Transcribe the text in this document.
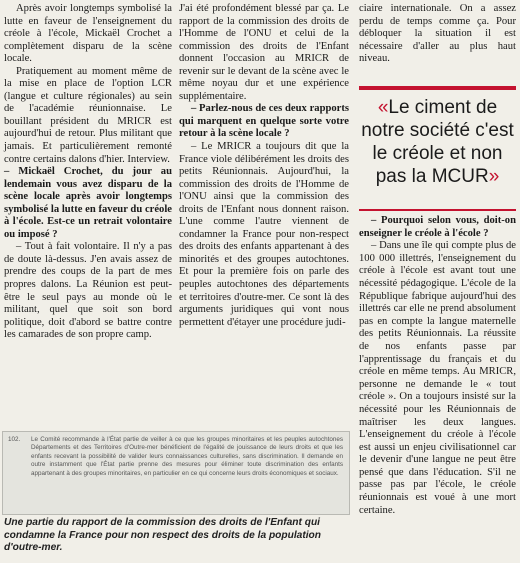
Après avoir longtemps symbolisé la lutte en faveur de l'enseignement du créole à l'école, Mickaël Crochet a complètement disparu de la scène locale.

Pratiquement au moment même de la mise en place de l'option LCR (langue et culture régionales) au sein de l'académie réunionnaise. Le bouillant président du MRICR est aujourd'hui de retour. Plus militant que jamais. Et particulièrement remonté contre certains dalons d'hier. Interview.

– Mickaël Crochet, du jour au lendemain vous avez disparu de la scène locale après avoir longtemps symbolisé la lutte en faveur du créole à l'école. Est-ce un retrait volontaire ou imposé ?

– Tout à fait volontaire. Il n'y a pas de doute là-dessus. J'en avais assez de prendre des coups de la part de mes propres dalons. La Réunion est peut-être le seul pays au monde où le militant, quel que soit son bord politique, doit d'abord se battre contre les camarades de son propre camp.

J'ai été profondément blessé par ça. Le rapport de la commission des droits de l'Homme de l'ONU et celui de la commission des droits de l'Enfant donnent l'occasion au MRICR de revenir sur le devant de la scène avec le même noyau dur et une expérience supplémentaire.

– Parlez-nous de ces deux rapports qui marquent en quelque sorte votre retour à la scène locale ?

– Le MRICR a toujours dit que la France viole délibérément les droits des petits Réunionnais. Aujourd'hui, la commission des droits de l'Homme de l'ONU ainsi que la commission des droits de l'Enfant nous donnent raison. L'une comme l'autre viennent de condamner la France pour non-respect des droits des enfants appartenant à des minorités et des groupes autochtones. Et pour la première fois on parle des peuples autochtones des départements et territoires d'outre-mer. Ce sont là des arguments juridiques qui vont nous permettent d'étayer une procédure judi-

ciaire internationale. On a assez perdu de temps comme ça. Pour débloquer la situation il est nécessaire d'aller au plus haut niveau.

«Le ciment de notre société c'est le créole et non pas la MCUR»

– Pourquoi selon vous, doit-on enseigner le créole à l'école ?

– Dans une île qui compte plus de 100 000 illettrés, l'enseignement du créole à l'école est avant tout une nécessité pédagogique. L'école de la République fabrique aujourd'hui des illettrés car elle ne prend absolument pas en compte la langue maternelle des petits Réunionnais. La réussite de nos enfants passe par l'apprentissage du français et du créole en même temps. Au MRICR, personne ne demande le « tout créole ». On a toujours insisté sur la nécessité pour les Réunionnais de maîtriser les deux langues. L'enseignement du créole à l'école est aussi un enjeu civilisationnel car le devenir d'une langue ne peut être pensé que dans l'éducation. S'il ne passe pas par l'école, le créole réunionnais est voué à une mort certaine.

102.	Le Comité recommande à l'État partie de veiller à ce que les groupes minoritaires et les peuples autochtones Départements et des Territoires d'Outre-mer bénéficient de l'égalité de jouissance de leurs droits et que les enfants recevant la possibilité de valider leurs connaissances culturelles, sans discrimination. Il demande en outre instamment que l'État partie prenne des mesures pour éliminer toute discrimination des enfants appartenant à des groupes minoritaires, en particulier en ce qui concerne leurs droits économiques et sociaux.
Une partie du rapport de la commission des droits de l'Enfant qui condamne la France pour non respect des droits de la population d'outre-mer.
